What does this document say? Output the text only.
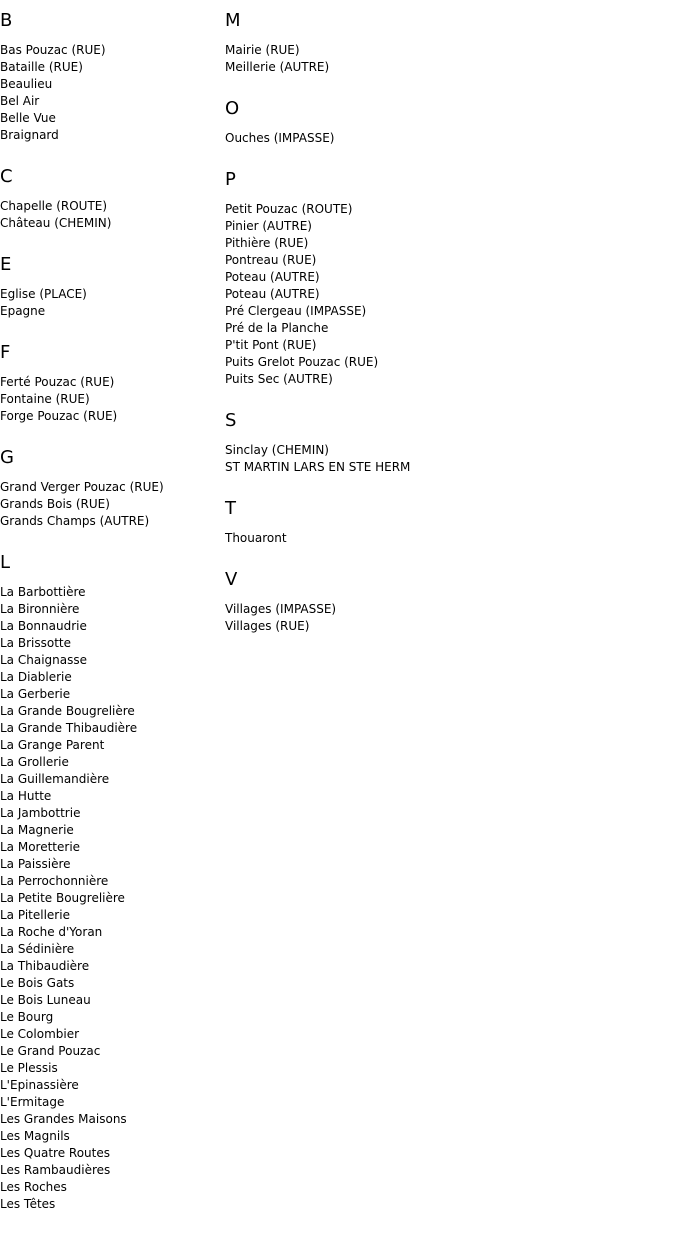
B
Bas Pouzac (RUE)
Bataille (RUE)
Beaulieu
Bel Air
Belle Vue
Braignard
C
Chapelle (ROUTE)
Château (CHEMIN)
E
Eglise (PLACE)
Epagne
F
Ferté Pouzac (RUE)
Fontaine (RUE)
Forge Pouzac (RUE)
G
Grand Verger Pouzac (RUE)
Grands Bois (RUE)
Grands Champs (AUTRE)
L
La Barbottière
La Bironnière
La Bonnaudrie
La Brissotte
La Chaignasse
La Diablerie
La Gerberie
La Grande Bougrelière
La Grande Thibaudière
La Grange Parent
La Grollerie
La Guillemandière
La Hutte
La Jambottrie
La Magnerie
La Moretterie
La Paissière
La Perrochonnière
La Petite Bougrelière
La Pitellerie
La Roche d'Yoran
La Sédinière
La Thibaudière
Le Bois Gats
Le Bois Luneau
Le Bourg
Le Colombier
Le Grand Pouzac
Le Plessis
L'Epinassière
L'Ermitage
Les Grandes Maisons
Les Magnils
Les Quatre Routes
Les Rambaudières
Les Roches
Les Têtes
M
Mairie (RUE)
Meillerie (AUTRE)
O
Ouches (IMPASSE)
P
Petit Pouzac (ROUTE)
Pinier (AUTRE)
Pithière (RUE)
Pontreau (RUE)
Poteau (AUTRE)
Poteau (AUTRE)
Pré Clergeau (IMPASSE)
Pré de la Planche
P'tit Pont (RUE)
Puits Grelot Pouzac (RUE)
Puits Sec (AUTRE)
S
Sinclay (CHEMIN)
ST MARTIN LARS EN STE HERM
T
Thouaront
V
Villages (IMPASSE)
Villages (RUE)
